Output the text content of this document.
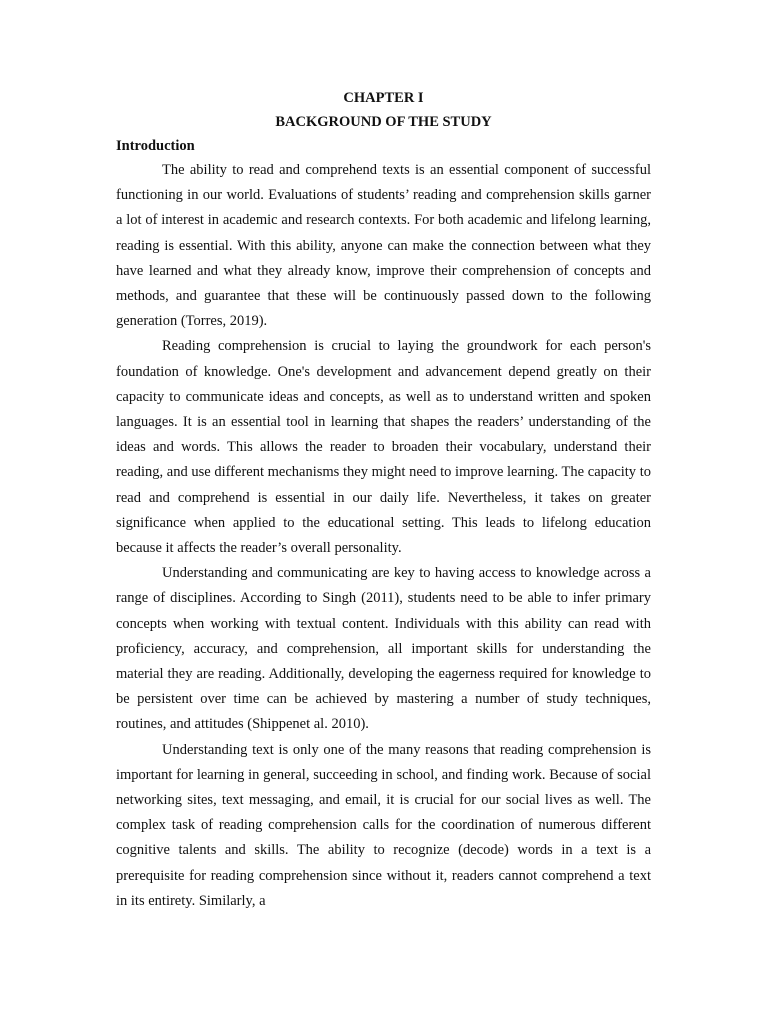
CHAPTER I

BACKGROUND OF THE STUDY

Introduction

The ability to read and comprehend texts is an essential component of successful functioning in our world. Evaluations of students’ reading and comprehension skills garner a lot of interest in academic and research contexts. For both academic and lifelong learning, reading is essential. With this ability, anyone can make the connection between what they have learned and what they already know, improve their comprehension of concepts and methods, and guarantee that these will be continuously passed down to the following generation (Torres, 2019).

Reading comprehension is crucial to laying the groundwork for each person's foundation of knowledge. One's development and advancement depend greatly on their capacity to communicate ideas and concepts, as well as to understand written and spoken languages. It is an essential tool in learning that shapes the readers’ understanding of the ideas and words. This allows the reader to broaden their vocabulary, understand their reading, and use different mechanisms they might need to improve learning. The capacity to read and comprehend is essential in our daily life. Nevertheless, it takes on greater significance when applied to the educational setting. This leads to lifelong education because it affects the reader’s overall personality.

Understanding and communicating are key to having access to knowledge across a range of disciplines. According to Singh (2011), students need to be able to infer primary concepts when working with textual content. Individuals with this ability can read with proficiency, accuracy, and comprehension, all important skills for understanding the material they are reading. Additionally, developing the eagerness required for knowledge to be persistent over time can be achieved by mastering a number of study techniques, routines, and attitudes (Shippenet al. 2010).

Understanding text is only one of the many reasons that reading comprehension is important for learning in general, succeeding in school, and finding work. Because of social networking sites, text messaging, and email, it is crucial for our social lives as well. The complex task of reading comprehension calls for the coordination of numerous different cognitive talents and skills. The ability to recognize (decode) words in a text is a prerequisite for reading comprehension since without it, readers cannot comprehend a text in its entirety. Similarly, a
